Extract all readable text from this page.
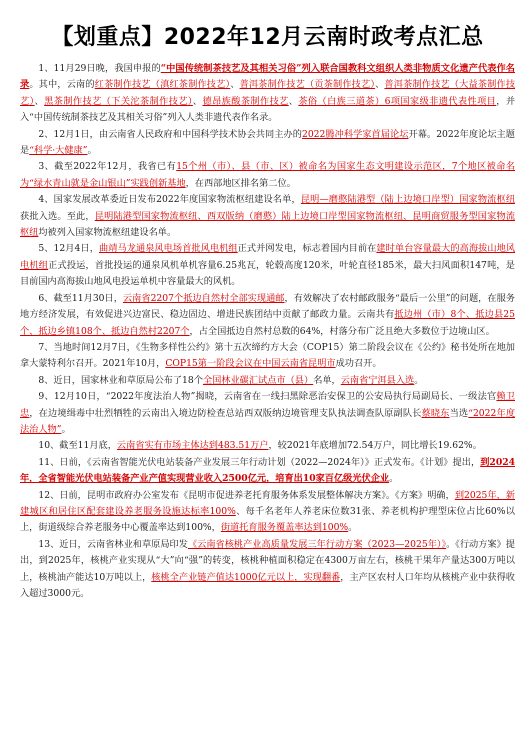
【划重点】2022年12月云南时政考点汇总

1、11月29日晚，我国申报的“中国传统制茶技艺及其相关习俗”列入联合国教科文组织人类非物质文化遗产代表作名录。其中，云南的红茶制作技艺（滇红茶制作技艺）、普洱茶制作技艺（贡茶制作技艺）、普洱茶制作技艺（大益茶制作技艺）、黑茶制作技艺（下关沱茶制作技艺）、德昂族酸茶制作技艺、茶俗（白族三道茶）6项国家级非遗代表性项目，并入“中国传统制茶技艺及其相关习俗”列入人类非遗代表作名录。

2、12月1日，由云南省人民政府和中国科学技术协会共同主办的2022腾冲科学家首届论坛开幕。2022年度论坛主题是“科学·大健康”。

3、截至2022年12月，我省已有15个州（市）、县（市、区）被命名为国家生态文明建设示范区，7个地区被命名为“绿水青山就是金山银山”实践创新基地，在西部地区排名第二位。

4、国家发展改革委近日发布2022年度国家物流枢纽建设名单，昆明—磨憨陆港型（陆上边境口岸型）国家物流枢纽获批入选。至此，昆明陆港型国家物流枢纽、西双版纳（磨憨）陆上边境口岸型国家物流枢纽、昆明商贸服务型国家物流枢纽均被列入国家物流枢纽建设名单。

5、12月4日，曲靖马龙通泉风电场首批风电机组正式并网发电，标志着国内目前在建时单台容量最大的高海拔山地风电机组正式投运，首批投运的通泉风机单机容量6.25兆瓦，轮毂高度120米，叶轮直径185米，最大扫风面积147吨，是目前国内高海拔山地风电投运单机中容量最大的风机。

6、截至11月30日，云南省2207个抵边自然村全部实现通邮，有效解决了农村邮政服务“最后一公里”的问题，在服务地方经济发展，有效促进兴边富民、稳边固边、增进民族团结中贡献了邮政力量。云南共有抵边州（市）8个、抵边县25个、抵边乡镇108个、抵边自然村2207个，占全国抵边自然村总数的64%，村落分布广泛且绝大多数位于边境山区。

7、当地时间12月7日，《生物多样性公约》第十五次缔约方大会（COP15）第二阶段会议在《公约》秘书处所在地加拿大蒙特利尔召开。2021年10月，COP15第一阶段会议在中国云南省昆明市成功召开。

8、近日，国家林业和草原局公布了18个全国林业碳汇试点市（县）名单，云南省宁洱县入选。

9、12月10日，“2022年度法治人物”揭晓，云南省在一线扫黑除恶治安保卫的公安局执行局副局长、一级法官赖卫忠，在边境缉毒中壮烈牺牲的云南出入境边防检查总站西双版纳边境管理支队执法调查队原副队长蔡晓东当选“2022年度法治人物”。

10、截至11月底，云南省实有市场主体达到483.51万户，较2021年底增加72.54万户，同比增长19.62%。

11、日前，《云南省智能光伏电站装备产业发展三年行动计划（2022—2024年）》正式发布。《计划》提出，到2024年，全省智能光伏电站装备产业产值实现营业收入2500亿元，培育出10家百亿级光伏企业。

12、日前，昆明市政府办公室发布《昆明市促进养老托育服务体系发展整体解决方案》。《方案》明确，到2025年，新建城区和居住区配套建设养老服务设施达标率100%、每千名老年人养老床位数31张、养老机构护理型床位占比60%以上，街道级综合养老服务中心覆盖率达到100%，街道托育服务覆盖率达到100%。

13、近日，云南省林业和草原局印发《云南省核桃产业高质量发展三年行动方案（2023—2025年）》。《行动方案》提出，到2025年，核桃产业实现从“大”向“强”的转变，核桃种植面积稳定在4300万亩左右，核桃干果年产量达300万吨以上，核桃油产能达10万吨以上，核桃全产业链产值达1000亿元以上，实现翻番，主产区农村人口年均从核桃产业中获得收入超过3000元。
